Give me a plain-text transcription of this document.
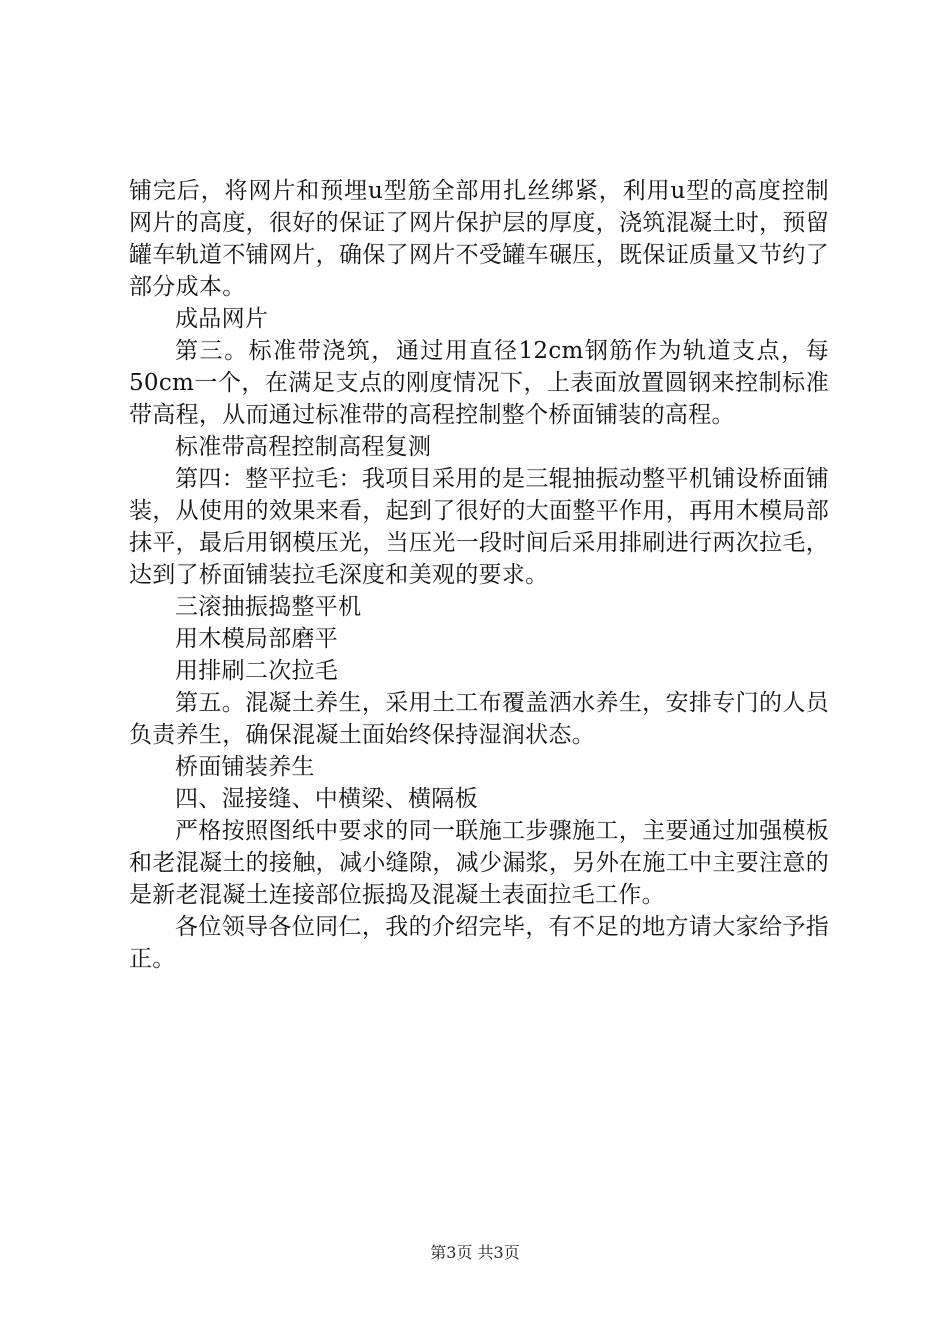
铺完后，将网片和预埋u型筋全部用扎丝绑紧，利用u型的高度控制网片的高度，很好的保证了网片保护层的厚度，浇筑混凝土时，预留罐车轨道不铺网片，确保了网片不受罐车碾压，既保证质量又节约了部分成本。

成品网片

第三。标准带浇筑，通过用直径12cm钢筋作为轨道支点，每50cm一个，在满足支点的刚度情况下，上表面放置圆钢来控制标准带高程，从而通过标准带的高程控制整个桥面铺装的高程。

标准带高程控制高程复测

第四：整平拉毛：我项目采用的是三辊抽振动整平机铺设桥面铺装，从使用的效果来看，起到了很好的大面整平作用，再用木模局部抹平，最后用钢模压光，当压光一段时间后采用排刷进行两次拉毛，达到了桥面铺装拉毛深度和美观的要求。

三滚抽振捣整平机

用木模局部磨平

用排刷二次拉毛

第五。混凝土养生，采用土工布覆盖洒水养生，安排专门的人员负责养生，确保混凝土面始终保持湿润状态。

桥面铺装养生

四、湿接缝、中横梁、横隔板

严格按照图纸中要求的同一联施工步骤施工，主要通过加强模板和老混凝土的接触，减小缝隙，减少漏浆，另外在施工中主要注意的是新老混凝土连接部位振捣及混凝土表面拉毛工作。

各位领导各位同仁，我的介绍完毕，有不足的地方请大家给予指正。

第3页 共3页
